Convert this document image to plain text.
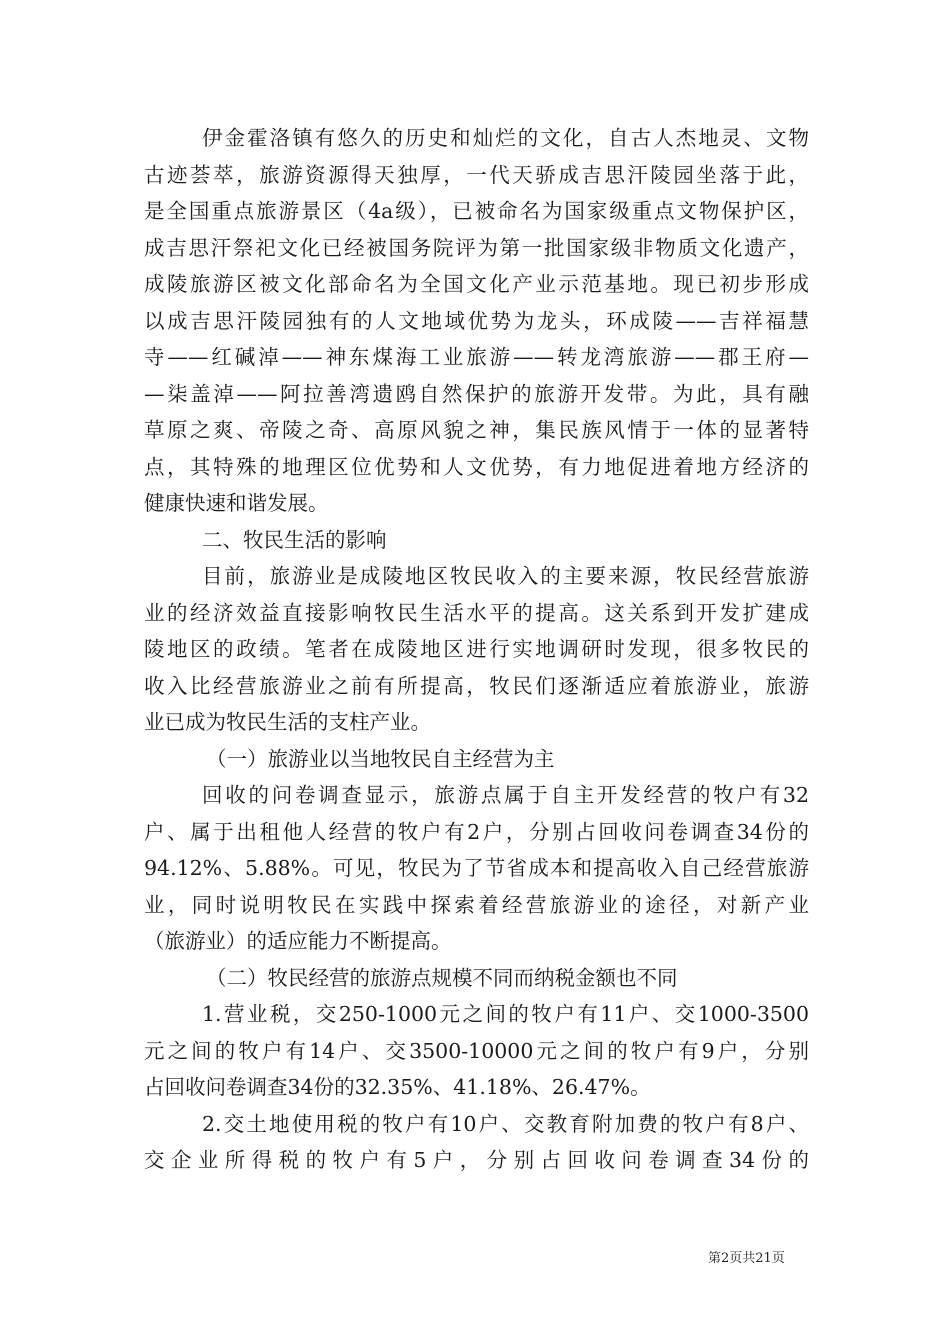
伊金霍洛镇有悠久的历史和灿烂的文化，自古人杰地灵、文物
古迹荟萃，旅游资源得天独厚，一代天骄成吉思汗陵园坐落于此，
是全国重点旅游景区（4a级），已被命名为国家级重点文物保护区，
成吉思汗祭祀文化已经被国务院评为第一批国家级非物质文化遗产，
成陵旅游区被文化部命名为全国文化产业示范基地。现已初步形成
以成吉思汗陵园独有的人文地域优势为龙头，环成陵——吉祥福慧
寺——红碱淖——神东煤海工业旅游——转龙湾旅游——郡王府—
—柒盖淖——阿拉善湾遗鸥自然保护的旅游开发带。为此，具有融
草原之爽、帝陵之奇、高原风貌之神，集民族风情于一体的显著特
点，其特殊的地理区位优势和人文优势，有力地促进着地方经济的
健康快速和谐发展。
二、牧民生活的影响
目前，旅游业是成陵地区牧民收入的主要来源，牧民经营旅游
业的经济效益直接影响牧民生活水平的提高。这关系到开发扩建成
陵地区的政绩。笔者在成陵地区进行实地调研时发现，很多牧民的
收入比经营旅游业之前有所提高，牧民们逐渐适应着旅游业，旅游
业已成为牧民生活的支柱产业。
（一）旅游业以当地牧民自主经营为主
回收的问卷调查显示，旅游点属于自主开发经营的牧户有32
户、属于出租他人经营的牧户有2户，分别占回收问卷调查34份的
94.12%、5.88%。可见，牧民为了节省成本和提高收入自己经营旅游
业，同时说明牧民在实践中探索着经营旅游业的途径，对新产业
（旅游业）的适应能力不断提高。
（二）牧民经营的旅游点规模不同而纳税金额也不同
1.营业税，交250-1000元之间的牧户有11户、交1000-3500
元之间的牧户有14户、交3500-10000元之间的牧户有9户，分别
占回收问卷调查34份的32.35%、41.18%、26.47%。
2.交土地使用税的牧户有10户、交教育附加费的牧户有8户、
交企业所得税的牧户有5户，分别占回收问卷调查34份的
第2页共21页
